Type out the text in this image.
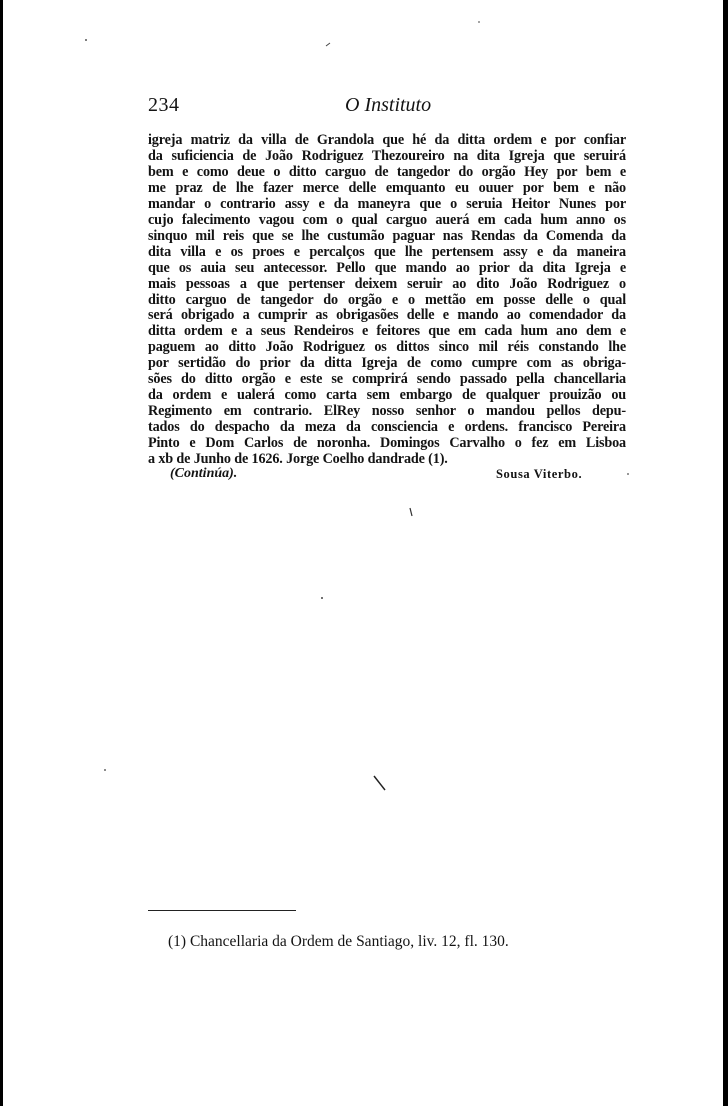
234	O Instituto
igreja matriz da villa de Grandola que hé da ditta ordem e por confiar
da suficiencia de João Rodriguez Thezoureiro na dita Igreja que seruirá
bem e como deue o ditto carguo de tangedor do orgão Hey por bem e
me praz de lhe fazer merce delle emquanto eu ouuer por bem e não
mandar o contrario assy e da maneyra que o seruia Heitor Nunes por
cujo falecimento vagou com o qual carguo auerá em cada hum anno os
sinquo mil reis que se lhe custumão paguar nas Rendas da Comenda da
dita villa e os proes e percalços que lhe pertensem assy e da maneira
que os auia seu antecessor. Pello que mando ao prior da dita Igreja e
mais pessoas a que pertenser deixem seruir ao dito João Rodriguez o
ditto carguo de tangedor do orgão e o mettão em posse delle o qual
será obrigado a cumprir as obrigasões delle e mando ao comendador da
ditta ordem e a seus Rendeiros e feitores que em cada hum ano dem e
paguem ao ditto João Rodriguez os dittos sinco mil réis constando lhe
por sertidão do prior da ditta Igreja de como cumpre com as obriga-
sões do ditto orgão e este se comprirá sendo passado pella chancellaria
da ordem e ualerá como carta sem embargo de qualquer prouizão ou
Regimento em contrario. ElRey nosso senhor o mandou pellos depu-
tados do despacho da meza da consciencia e ordens. francisco Pereira
Pinto e Dom Carlos de noronha. Domingos Carvalho o fez em Lisboa
a xb de Junho de 1626. Jorge Coelho dandrade (1).
(Continúa).	Sousa Viterbo.
(1) Chancellaria da Ordem de Santiago, liv. 12, fl. 130.
